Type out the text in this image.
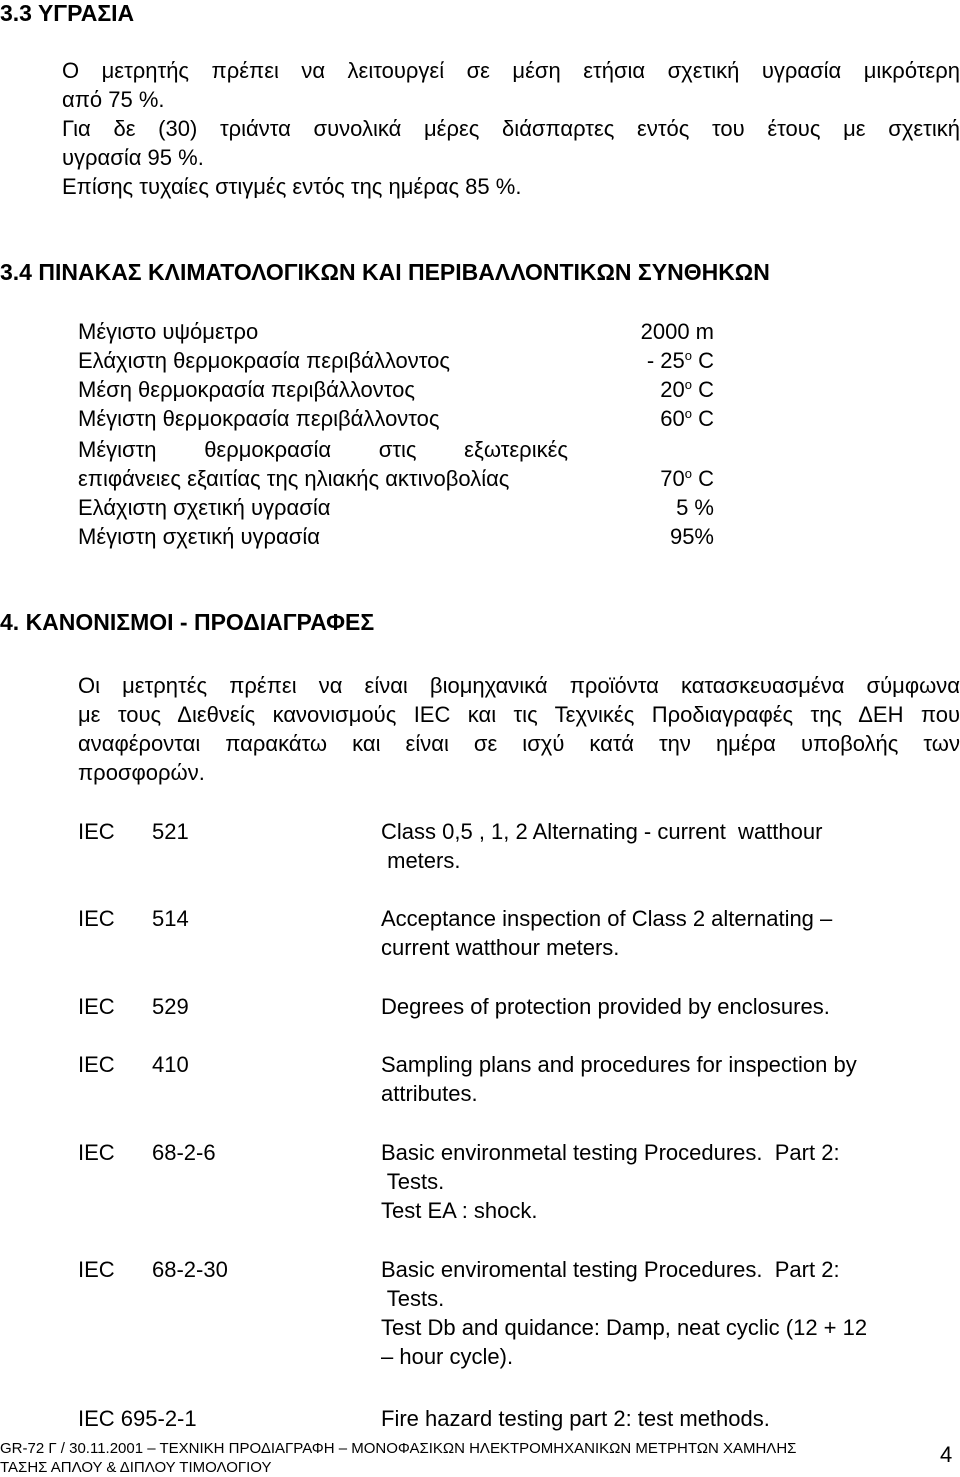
3.3 ΥΓΡΑΣΙΑ
Ο μετρητής πρέπει να λειτουργεί σε μέση ετήσια σχετική υγρασία μικρότερη
από 75 %.
Για δε (30) τριάντα συνολικά μέρες διάσπαρτες εντός του έτους με σχετική
υγρασία 95 %.
Επίσης τυχαίες στιγμές εντός της ημέρας 85 %.
3.4 ΠΙΝΑΚΑΣ ΚΛΙΜΑΤΟΛΟΓΙΚΩΝ ΚΑΙ ΠΕΡΙΒΑΛΛΟΝΤΙΚΩΝ ΣΥΝΘΗΚΩΝ
Μέγιστο υψόμετρο	2000 m
Ελάχιστη θερμοκρασία περιβάλλοντος	- 25$^o$ C
Μέση θερμοκρασία περιβάλλοντος	20$^o$ C
Μέγιστη θερμοκρασία περιβάλλοντος	60$^o$ C
Μέγιστη θερμοκρασία στις εξωτερικές
επιφάνειες εξαιτίας της ηλιακής ακτινοβολίας	70$^o$ C
Ελάχιστη σχετική υγρασία	5 %
Μέγιστη σχετική υγρασία	95%
4. ΚΑΝΟΝΙΣΜΟΙ - ΠΡΟΔΙΑΓΡΑΦΕΣ
Οι μετρητές πρέπει να είναι βιομηχανικά προϊόντα κατασκευασμένα σύμφωνα
με τους Διεθνείς κανονισμούς IEC και τις Τεχνικές Προδιαγραφές της ΔΕΗ που
αναφέρονται παρακάτω και είναι σε ισχύ κατά την ημέρα υποβολής των
προσφορών.
IEC 521	Class 0,5 , 1, 2 Alternating - current  watthour
meters.
IEC 514	Acceptance inspection of Class 2 alternating –
current watthour meters.
IEC 529	Degrees of protection provided by enclosures.
IEC 410	Sampling plans and procedures for inspection by
attributes.
IEC 68-2-6	Basic environmetal testing Procedures.  Part 2:
Tests.
Test EA : shock.
IEC 68-2-30	Basic enviromental testing Procedures.  Part 2:
Tests.
Test Db and quidance: Damp, neat cyclic (12 + 12
– hour cycle).
IEC 695-2-1	Fire hazard testing part 2: test methods.
GR-72 Γ / 30.11.2001 – ΤΕΧΝΙΚΗ ΠΡΟΔΙΑΓΡΑΦΗ – ΜΟΝΟΦΑΣΙΚΩΝ ΗΛΕΚΤΡΟΜΗΧΑΝΙΚΩΝ ΜΕΤΡΗΤΩΝ ΧΑΜΗΛΗΣ
ΤΑΣΗΣ ΑΠΛΟΥ & ΔΙΠΛΟΥ ΤΙΜΟΛΟΓΙΟΥ
4
